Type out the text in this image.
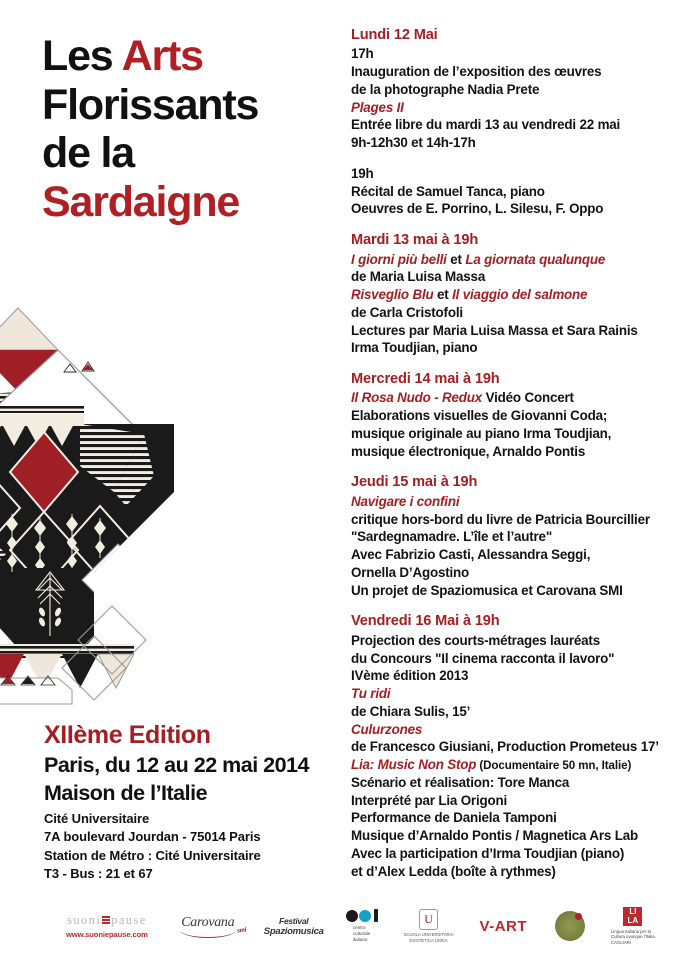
Les Arts
Florissants
de la
Sardaigne
XIIème Edition
Paris, du 12 au 22 mai 2014
Maison de l’Italie
Cité Universitaire
7A boulevard Jourdan - 75014 Paris
Station de Métro : Cité Universitaire
T3 - Bus : 21 et 67
Lundi 12 Mai
17h
Inauguration de l’exposition des œuvres
de la photographe Nadia Prete
Plages II
Entrée libre du mardi 13 au vendredi 22 mai
9h-12h30 et 14h-17h
19h
Récital de Samuel Tanca, piano
Oeuvres de E. Porrino, L. Silesu, F. Oppo
Mardi 13 mai à 19h
I giorni più belli et La giornata qualunque
de Maria Luisa Massa
Risveglio Blu et Il viaggio del salmone
de Carla Cristofoli
Lectures par Maria Luisa Massa et Sara Rainis
Irma Toudjian, piano
Mercredi 14 mai à 19h
Il Rosa Nudo - Redux Vidéo Concert
Elaborations visuelles de Giovanni Coda;
musique originale au piano Irma Toudjian,
musique électronique, Arnaldo Pontis
Jeudi 15 mai à 19h
Navigare i confini
critique hors-bord du livre de Patricia Bourcillier
"Sardegnamadre. L’île et l’autre"
Avec Fabrizio Casti, Alessandra Seggi,
Ornella D’Agostino
Un projet de Spaziomusica et Carovana SMI
Vendredi 16 Mai à 19h
Projection des courts-métrages lauréats
du Concours "Il cinema racconta il lavoro"
IVème édition 2013
Tu ridi
de Chiara Sulis, 15’
Culurzones
de Francesco Giusiani, Production Prometeus 17’
Lia: Music Non Stop (Documentaire 50 mn, Italie)
Scénario et réalisation: Tore Manca
Interprété par Lia Origoni
Performance de Daniela Tamponi
Musique d’Arnaldo Pontis / Magnetica Ars Lab
Avec la participation d’Irma Toudjian (piano)
et d’Alex Ledda (boîte à rythmes)
suoni pause
www.suoniepause.com
Carovana smi
Festival
Spaziomusica	centro
culturale
italiano
U
SCUOLA UNIVERSITARIA
D’ESTETICA UNICA
V-ART
LI
LA
Lingua Italiana per la
Cultura ovunque l’Italia
CAGLIARI
